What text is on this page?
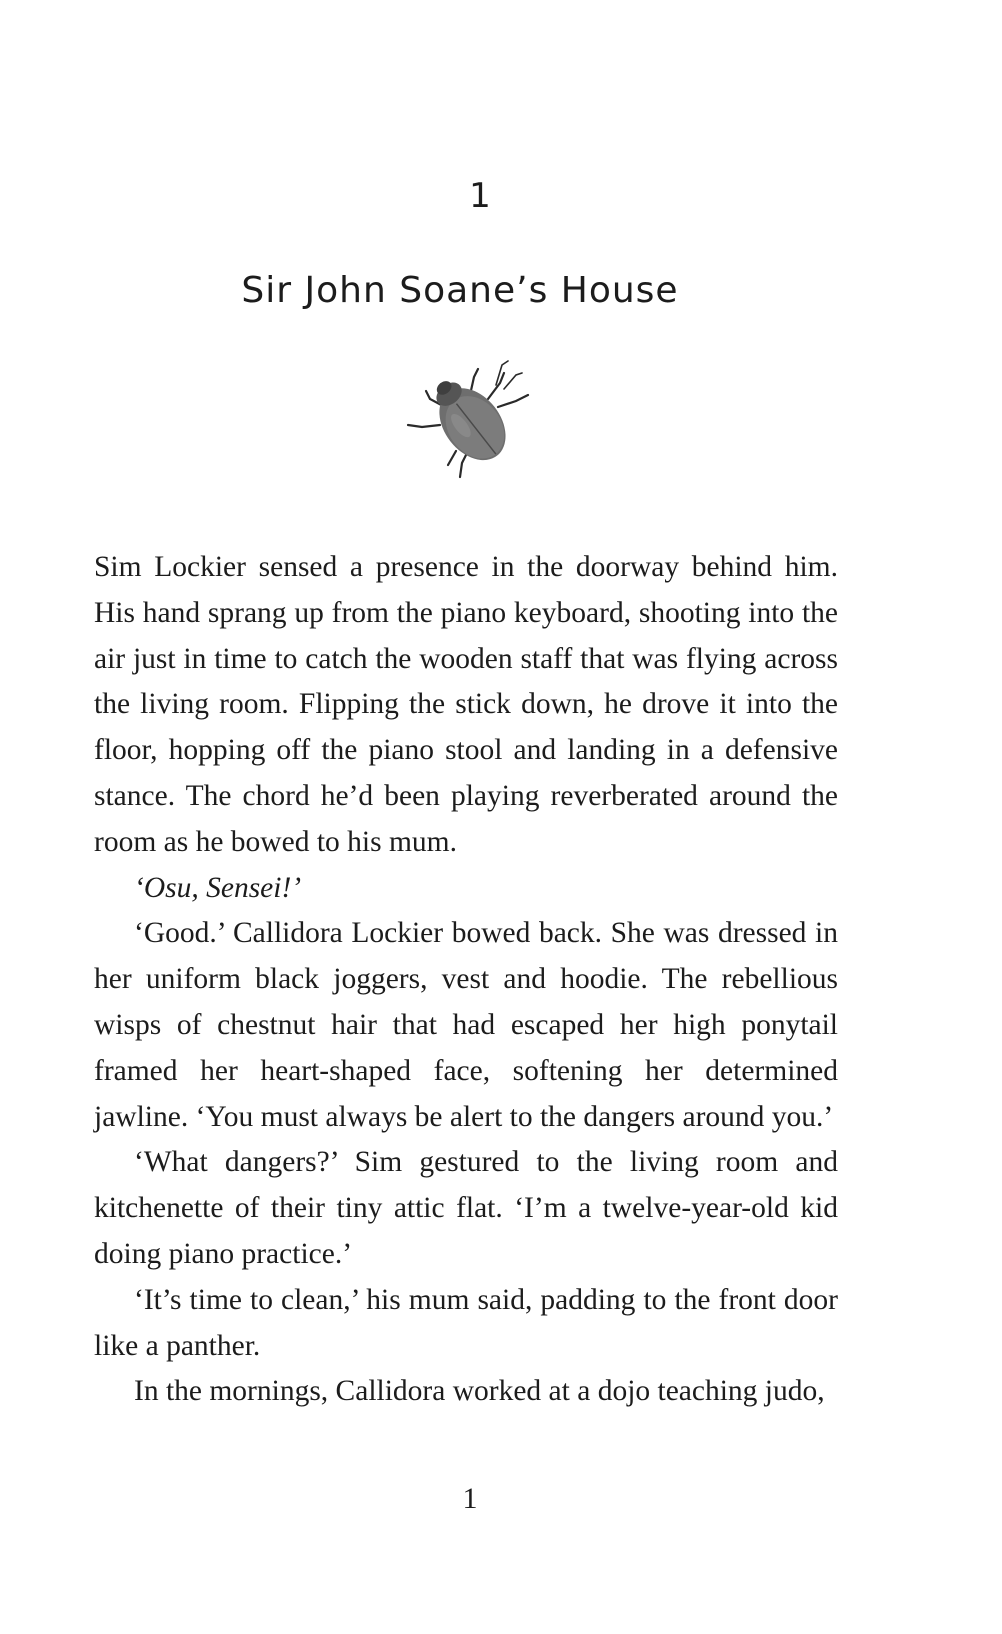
1
Sir John Soane’s House

Sim Lockier sensed a presence in the doorway behind him. His hand sprang up from the piano keyboard, shooting into the air just in time to catch the wooden staff that was flying across the living room. Flipping the stick down, he drove it into the floor, hopping off the piano stool and landing in a defensive stance. The chord he’d been playing reverberated around the room as he bowed to his mum.

‘Osu, Sensei!’

‘Good.’ Callidora Lockier bowed back. She was dressed in her uniform black joggers, vest and hoodie. The rebellious wisps of chestnut hair that had escaped her high ponytail framed her heart-shaped face, softening her determined jawline. ‘You must always be alert to the dangers around you.’

‘What dangers?’ Sim gestured to the living room and kitchenette of their tiny attic flat. ‘I’m a twelve-year-old kid doing piano practice.’

‘It’s time to clean,’ his mum said, padding to the front door like a panther.

In the mornings, Callidora worked at a dojo teaching judo,

1
